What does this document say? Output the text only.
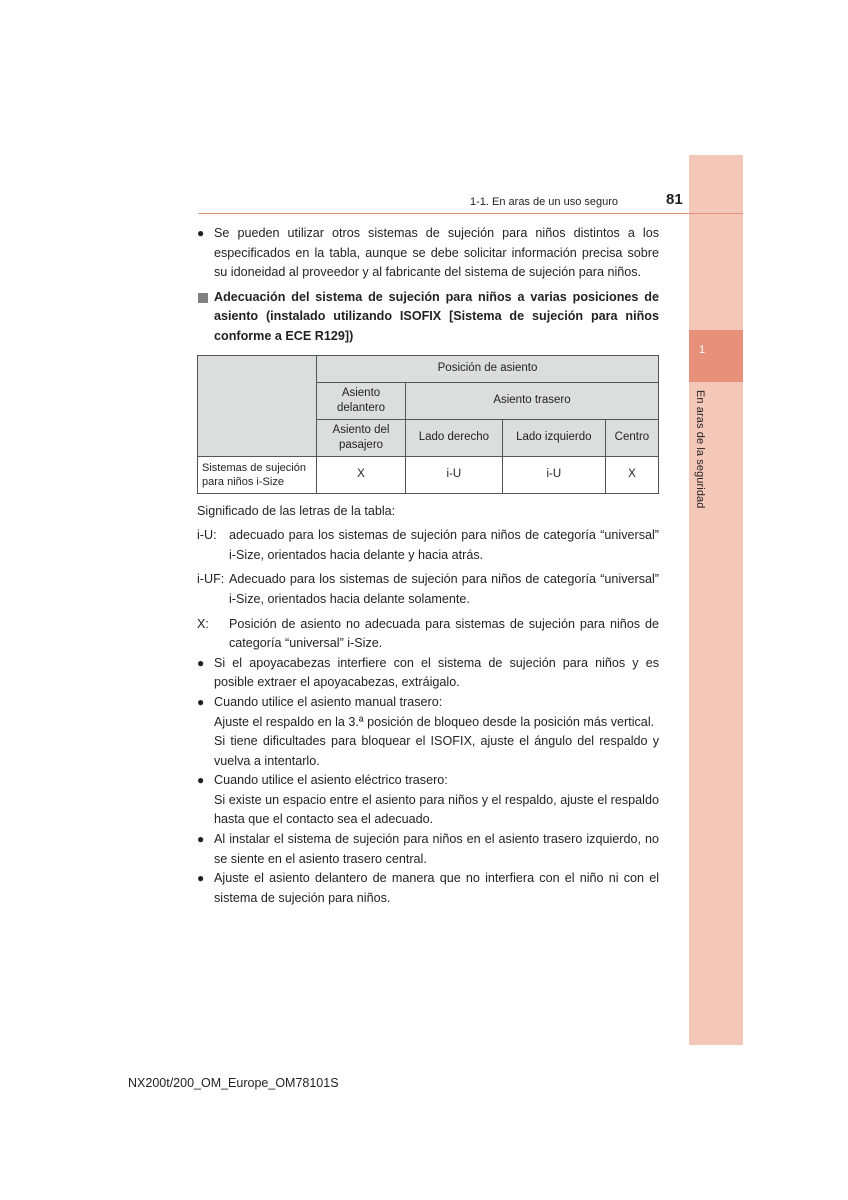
1
En aras de la seguridad
1-1. En aras de un uso seguro	81
● Se pueden utilizar otros sistemas de sujeción para niños distintos a los especificados en la tabla, aunque se debe solicitar información precisa sobre su idoneidad al proveedor y al fabricante del sistema de sujeción para niños.
Adecuación del sistema de sujeción para niños a varias posiciones de asiento (instalado utilizando ISOFIX [Sistema de sujeción para niños conforme a ECE R129])
	Posición de asiento			
	Asiento delantero	Asiento trasero		
	Asiento del pasajero	Lado derecho	Lado izquierdo	Centro
Sistemas de sujeción para niños i-Size	X	i-U	i-U	X
Significado de las letras de la tabla:
i-U: adecuado para los sistemas de sujeción para niños de categoría “universal” i-Size, orientados hacia delante y hacia atrás.
i-UF: Adecuado para los sistemas de sujeción para niños de categoría “universal” i-Size, orientados hacia delante solamente.
X:	Posición de asiento no adecuada para sistemas de sujeción para niños de categoría “universal” i-Size.
● Si el apoyacabezas interfiere con el sistema de sujeción para niños y es posible extraer el apoyacabezas, extráigalo.
● Cuando utilice el asiento manual trasero:
Ajuste el respaldo en la 3.ª posición de bloqueo desde la posición más vertical.
Si tiene dificultades para bloquear el ISOFIX, ajuste el ángulo del respaldo y vuelva a intentarlo.
● Cuando utilice el asiento eléctrico trasero:
Si existe un espacio entre el asiento para niños y el respaldo, ajuste el respaldo hasta que el contacto sea el adecuado.
● Al instalar el sistema de sujeción para niños en el asiento trasero izquierdo, no se siente en el asiento trasero central.
● Ajuste el asiento delantero de manera que no interfiera con el niño ni con el sistema de sujeción para niños.
NX200t/200_OM_Europe_OM78101S
